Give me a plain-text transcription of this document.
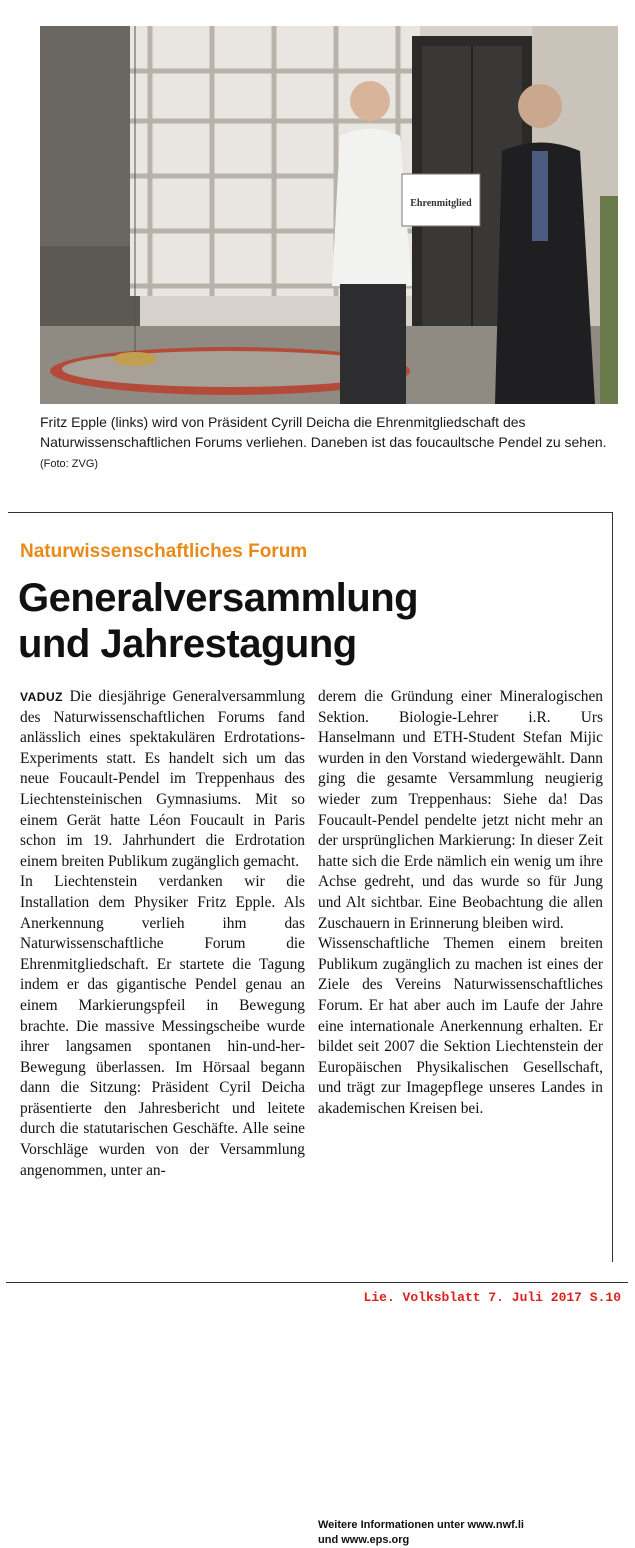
Ehrenmitglied
Fritz Epple (links) wird von Präsident Cyrill Deicha die Ehrenmitgliedschaft des Naturwissenschaftlichen Forums verliehen. Daneben ist das foucaultsche Pendel zu sehen. (Foto: ZVG)
Naturwissenschaftliches Forum
Generalversammlung
und Jahrestagung

VADUZ Die diesjährige Generalversammlung des Naturwissenschaftlichen Forums fand anlässlich eines spektakulären Erdrotations-Experiments statt. Es handelt sich um das neue Foucault-Pendel im Treppenhaus des Liechtensteinischen Gymnasiums. Mit so einem Gerät hatte Léon Foucault in Paris schon im 19. Jahrhundert die Erdrotation einem breiten Publikum zugänglich gemacht.

In Liechtenstein verdanken wir die Installation dem Physiker Fritz Epple. Als Anerkennung verlieh ihm das Naturwissenschaftliche Forum die Ehrenmitgliedschaft. Er startete die Tagung indem er das gigantische Pendel genau an einem Markierungspfeil in Bewegung brachte. Die massive Messingscheibe wurde ihrer langsamen spontanen hin-und-her-Bewegung überlassen. Im Hörsaal begann dann die Sitzung: Präsident Cyril Deicha präsentierte den Jahresbericht und leitete durch die statutarischen Geschäfte. Alle seine Vorschläge wurden von der Versammlung angenommen, unter an-

derem die Gründung einer Mineralogischen Sektion. Biologie-Lehrer i.R. Urs Hanselmann und ETH-Student Stefan Mijic wurden in den Vorstand wiedergewählt. Dann ging die gesamte Versammlung neugierig wieder zum Treppenhaus: Siehe da! Das Foucault-Pendel pendelte jetzt nicht mehr an der ursprünglichen Markierung: In dieser Zeit hatte sich die Erde nämlich ein wenig um ihre Achse gedreht, und das wurde so für Jung und Alt sichtbar. Eine Beobachtung die allen Zuschauern in Erinnerung bleiben wird.

Wissenschaftliche Themen einem breiten Publikum zugänglich zu machen ist eines der Ziele des Vereins Naturwissenschaftliches Forum. Er hat aber auch im Laufe der Jahre eine internationale Anerkennung erhalten. Er bildet seit 2007 die Sektion Liechtenstein der Europäischen Physikalischen Gesellschaft, und trägt zur Imagepflege unseres Landes in akademischen Kreisen bei.

Weitere Informationen unter www.nwf.li
und www.eps.org
Lie. Volksblatt 7. Juli 2017 S.10
